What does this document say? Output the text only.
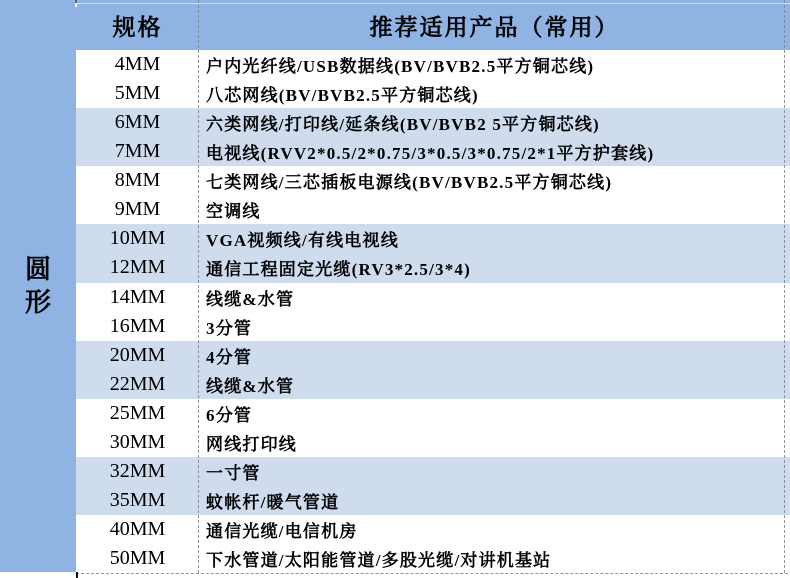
圆
形
规格	推荐适用产品（常用）
4MM	户内光纤线/USB数据线(BV/BVB2.5平方铜芯线)
5MM	八芯网线(BV/BVB2.5平方铜芯线)
6MM	六类网线/打印线/延条线(BV/BVB2 5平方铜芯线)
7MM	电视线(RVV2*0.5/2*0.75/3*0.5/3*0.75/2*1平方护套线)
8MM	七类网线/三芯插板电源线(BV/BVB2.5平方铜芯线)
9MM	空调线
10MM	VGA视频线/有线电视线
12MM	通信工程固定光缆(RV3*2.5/3*4)
14MM	线缆&水管
16MM	3分管
20MM	4分管
22MM	线缆&水管
25MM	6分管
30MM	网线打印线
32MM	一寸管
35MM	蚊帐杆/暖气管道
40MM	通信光缆/电信机房
50MM	下水管道/太阳能管道/多股光缆/对讲机基站
